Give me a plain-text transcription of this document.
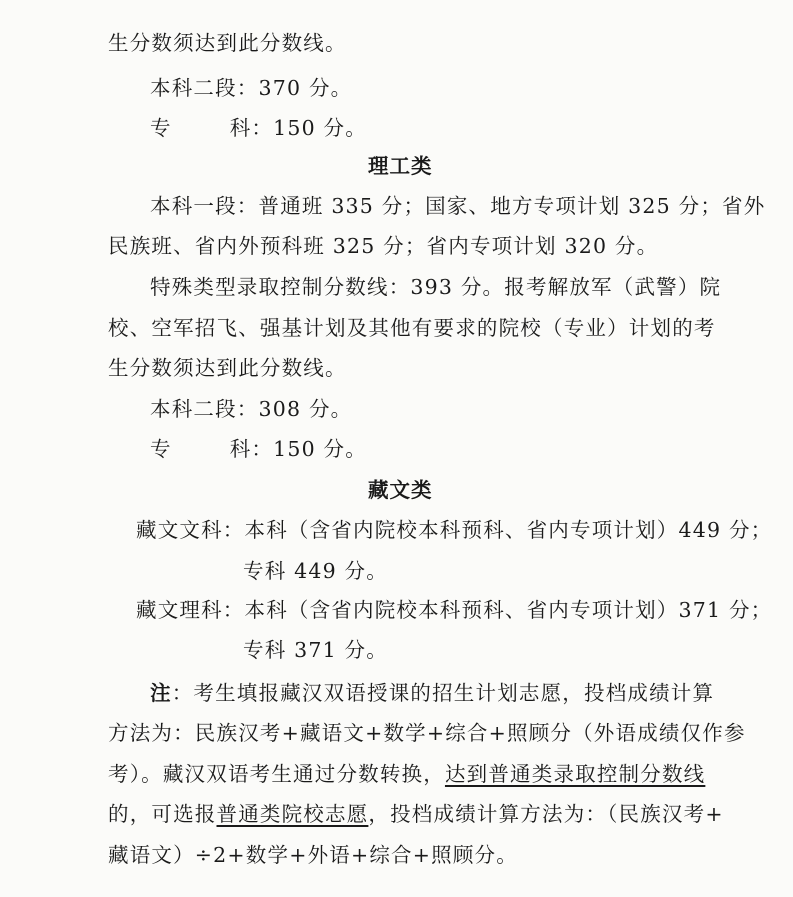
生分数须达到此分数线。
本科二段：370 分。
专	科：150 分。
理工类
本科一段：普通班 335 分；国家、地方专项计划 325 分；省外
民族班、省内外预科班 325 分；省内专项计划 320 分。
特殊类型录取控制分数线：393 分。报考解放军（武警）院
校、空军招飞、强基计划及其他有要求的院校（专业）计划的考
生分数须达到此分数线。
本科二段：308 分。
专	科：150 分。
藏文类
藏文文科：本科（含省内院校本科预科、省内专项计划）449 分；
专科 449 分。
藏文理科：本科（含省内院校本科预科、省内专项计划）371 分；
专科 371 分。
注：考生填报藏汉双语授课的招生计划志愿，投档成绩计算
方法为：民族汉考+藏语文+数学+综合+照顾分（外语成绩仅作参
考）。藏汉双语考生通过分数转换，达到普通类录取控制分数线
的，可选报普通类院校志愿，投档成绩计算方法为：（民族汉考+
藏语文）÷2+数学+外语+综合+照顾分。
